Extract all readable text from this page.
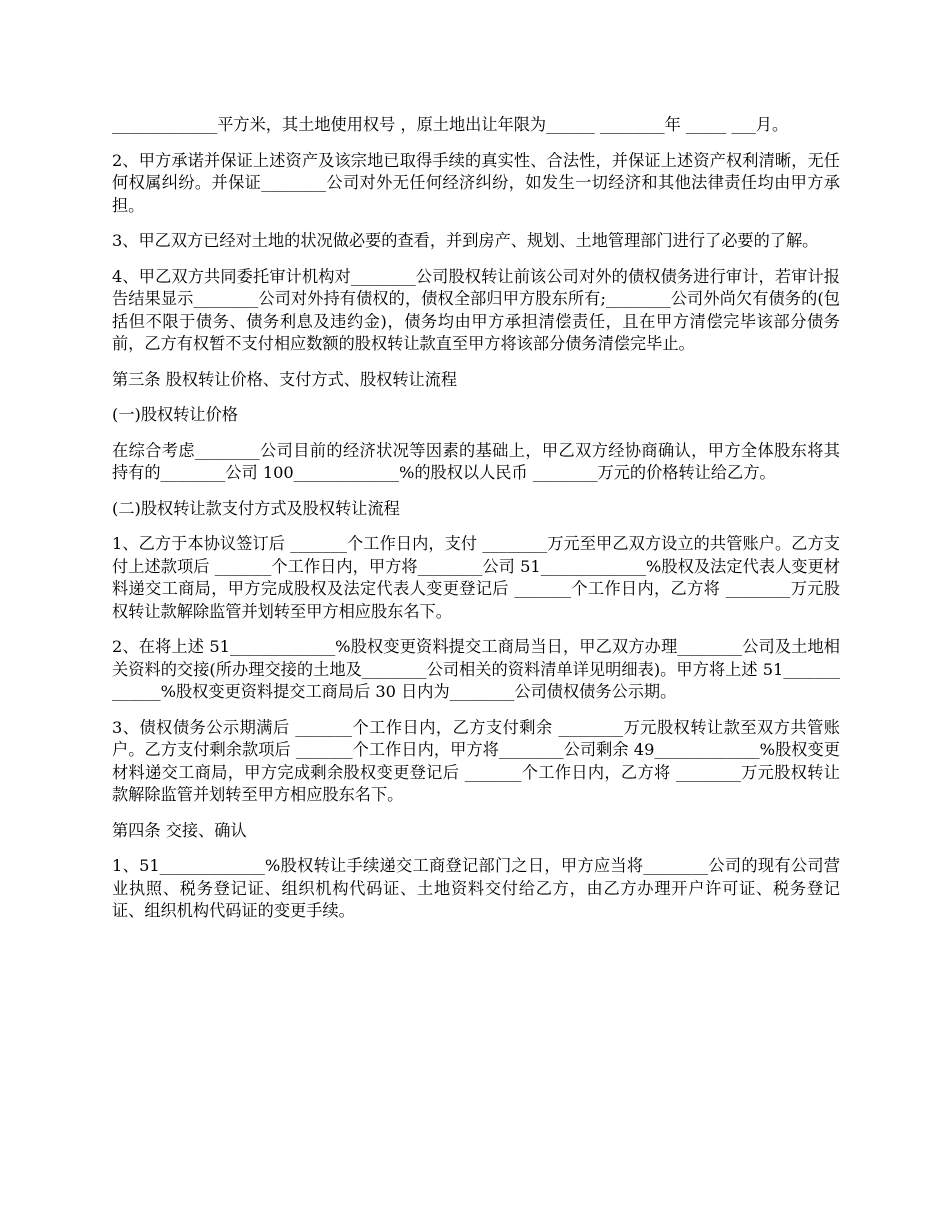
_____________平方米，其土地使用权号 ，原土地出让年限为______ ________年 _____ ___月。

2、甲方承诺并保证上述资产及该宗地已取得手续的真实性、合法性，并保证上述资产权利清晰，无任何权属纠纷。并保证________公司对外无任何经济纠纷，如发生一切经济和其他法律责任均由甲方承担。

3、甲乙双方已经对土地的状况做必要的查看，并到房产、规划、土地管理部门进行了必要的了解。

4、甲乙双方共同委托审计机构对________公司股权转让前该公司对外的债权债务进行审计，若审计报告结果显示________公司对外持有债权的，债权全部归甲方股东所有;________公司外尚欠有债务的(包括但不限于债务、债务利息及违约金)，债务均由甲方承担清偿责任，且在甲方清偿完毕该部分债务前，乙方有权暂不支付相应数额的股权转让款直至甲方将该部分债务清偿完毕止。

第三条 股权转让价格、支付方式、股权转让流程

(一)股权转让价格

在综合考虑________公司目前的经济状况等因素的基础上，甲乙双方经协商确认，甲方全体股东将其持有的________公司 100_____________%的股权以人民币 ________万元的价格转让给乙方。

(二)股权转让款支付方式及股权转让流程

1、乙方于本协议签订后 _______个工作日内，支付 ________万元至甲乙双方设立的共管账户。乙方支付上述款项后 _______个工作日内，甲方将________公司 51_____________%股权及法定代表人变更材料递交工商局，甲方完成股权及法定代表人变更登记后 _______个工作日内，乙方将 ________万元股权转让款解除监管并划转至甲方相应股东名下。

2、在将上述 51_____________%股权变更资料提交工商局当日，甲乙双方办理________公司及土地相关资料的交接(所办理交接的土地及________公司相关的资料清单详见明细表)。甲方将上述 51_____________%股权变更资料提交工商局后 30 日内为________公司债权债务公示期。

3、债权债务公示期满后 _______个工作日内，乙方支付剩余 ________万元股权转让款至双方共管账户。乙方支付剩余款项后 _______个工作日内，甲方将________公司剩余 49_____________%股权变更材料递交工商局，甲方完成剩余股权变更登记后 _______个工作日内，乙方将 ________万元股权转让款解除监管并划转至甲方相应股东名下。

第四条 交接、确认

1、51_____________%股权转让手续递交工商登记部门之日，甲方应当将________公司的现有公司营业执照、税务登记证、组织机构代码证、土地资料交付给乙方，由乙方办理开户许可证、税务登记证、组织机构代码证的变更手续。
